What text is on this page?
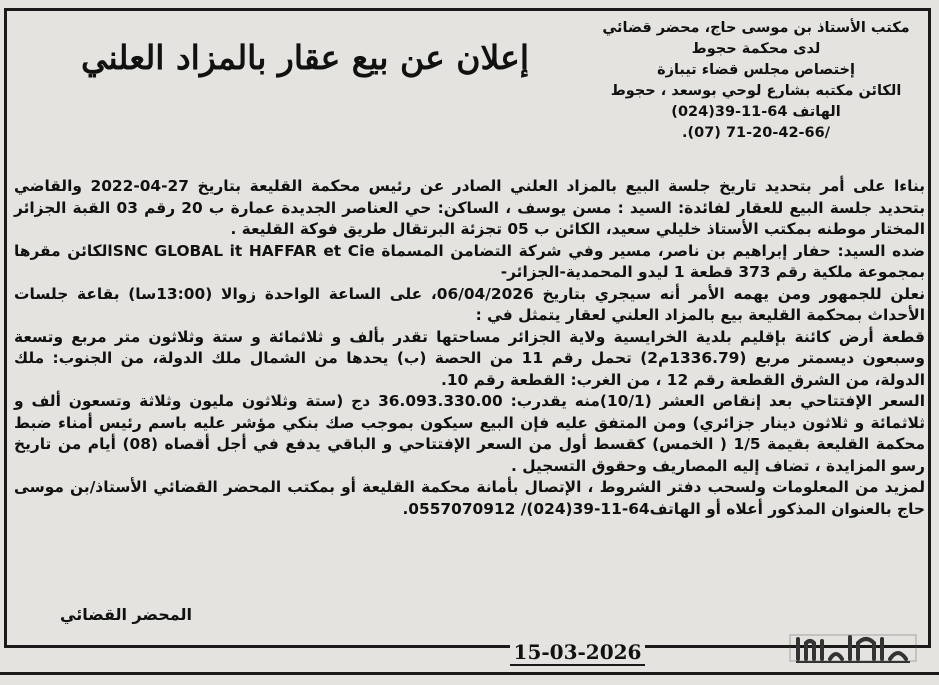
مكتب الأستاذ بن موسى حاج، محضر قضائي
لدى محكمة حجوط
إختصاص مجلس قضاء تيبازة
الكائن مكتبه بشارع لوحي بوسعد ، حجوط
الهاتف 64-11-39(024)
.(07) 71-20-42-66/
إعلان عن بيع عقار بالمزاد العلني

بناءا على أمر بتحديد تاريخ جلسة البيع بالمزاد العلني الصادر عن رئيس محكمة القليعة بتاريخ 27-04-2022 والقاضي بتحديد جلسة البيع للعقار لفائدة: السيد : مسن يوسف ، الساكن: حي العناصر الجديدة عمارة ب 20 رقم 03 القبة الجزائر المختار موطنه بمكتب الأستاذ خليلي سعيد، الكائن ب 05 تجزئة البرتقال طريق فوكة القليعة .

ضده السيد: حفار إبراهيم بن ناصر، مسير وفي شركة التضامن المسماة SNC GLOBAL it HAFFAR et Cieالكائن مقرها بمجموعة ملكية رقم 373 قطعة 1 ليدو المحمدية-الجزائر-

نعلن للجمهور ومن يهمه الأمر أنه سيجري بتاريخ 06/04/2026، على الساعة الواحدة زوالا (13:00سا) بقاعة جلسات الأحداث بمحكمة القليعة بيع بالمزاد العلني لعقار يتمثل في :

قطعة أرض كائنة بإقليم بلدية الخرايسية ولاية الجزائر مساحتها تقدر بألف و ثلاثمائة و ستة وثلاثون متر مربع وتسعة وسبعون ديسمتر مربع (1336.79م2) تحمل رقم 11 من الحصة (ب) يحدها من الشمال ملك الدولة، من الجنوب: ملك الدولة، من الشرق القطعة رقم 12 ، من الغرب: القطعة رقم 10.

السعر الإفتتاحي بعد إنقاص العشر (10/1)منه يقدرب: 36.093.330.00 دج (ستة وثلاثون مليون وثلاثة وتسعون ألف و ثلاثمائة و ثلاثون دينار جزائري) ومن المتفق عليه فإن البيع سيكون بموجب صك بنكي مؤشر عليه باسم رئيس أمناء ضبط محكمة القليعة بقيمة 1/5 ( الخمس) كقسط أول من السعر الإفتتاحي و الباقي يدفع في أجل أقصاه (08) أيام من تاريخ رسو المزايدة ، تضاف إليه المصاريف وحقوق التسجيل .

لمزيد من المعلومات ولسحب دفتر الشروط ، الإتصال بأمانة محكمة القليعة أو بمكتب المحضر القضائي الأستاذ/بن موسى حاج بالعنوان المذكور أعلاه أو الهاتف64-11-39(024)/ 0557070912.

المحضر القضائي
15-03-2026
